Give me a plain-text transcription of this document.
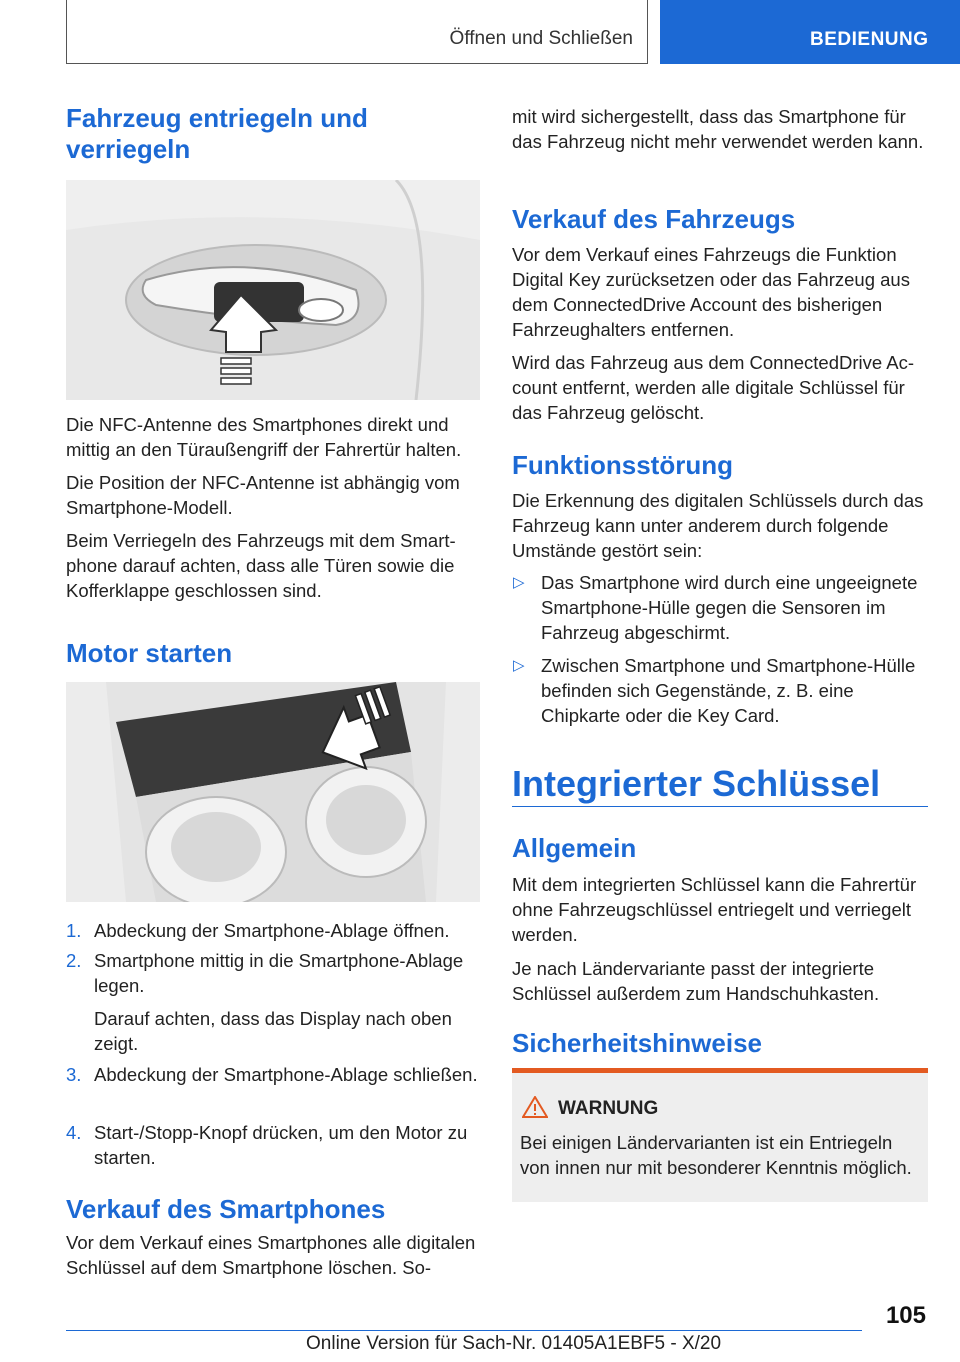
Öffnen und Schließen	BEDIENUNG
Fahrzeug entriegeln und verriegeln

Die NFC-Antenne des Smartphones direkt und mittig an den Türaußengriff der Fahrertür halten.

Die Position der NFC-Antenne ist abhängig vom Smartphone-Modell.

Beim Verriegeln des Fahrzeugs mit dem Smartphone darauf achten, dass alle Türen sowie die Kofferklappe geschlossen sind.

Motor starten
1. Abdeckung der Smartphone-Ablage öffnen.
2. Smartphone mittig in die Smartphone-Ablage legen.
Darauf achten, dass das Display nach oben zeigt.
3. Abdeckung der Smartphone-Ablage schließen.
4. Start-/Stopp-Knopf drücken, um den Motor zu starten.
Verkauf des Smartphones

Vor dem Verkauf eines Smartphones alle digitalen Schlüssel auf dem Smartphone löschen. So-

mit wird sichergestellt, dass das Smartphone für das Fahrzeug nicht mehr verwendet werden kann.

Verkauf des Fahrzeugs

Vor dem Verkauf eines Fahrzeugs die Funktion Digital Key zurücksetzen oder das Fahrzeug aus dem ConnectedDrive Account des bisherigen Fahrzeughalters entfernen.

Wird das Fahrzeug aus dem ConnectedDrive Account entfernt, werden alle digitale Schlüssel für das Fahrzeug gelöscht.

Funktionsstörung

Die Erkennung des digitalen Schlüssels durch das Fahrzeug kann unter anderem durch folgende Umstände gestört sein:

▷ Das Smartphone wird durch eine ungeeignete Smartphone-Hülle gegen die Sensoren im Fahrzeug abgeschirmt.

▷ Zwischen Smartphone und Smartphone-Hülle befinden sich Gegenstände, z. B. eine Chipkarte oder die Key Card.

Integrierter Schlüssel
Allgemein

Mit dem integrierten Schlüssel kann die Fahrertür ohne Fahrzeugschlüssel entriegelt und verriegelt werden.

Je nach Ländervariante passt der integrierte Schlüssel außerdem zum Handschuhkasten.

Sicherheitshinweise
WARNUNG

Bei einigen Ländervarianten ist ein Entriegeln von innen nur mit besonderer Kenntnis möglich.

105
Online Version für Sach-Nr. 01405A1EBF5 - X/20
